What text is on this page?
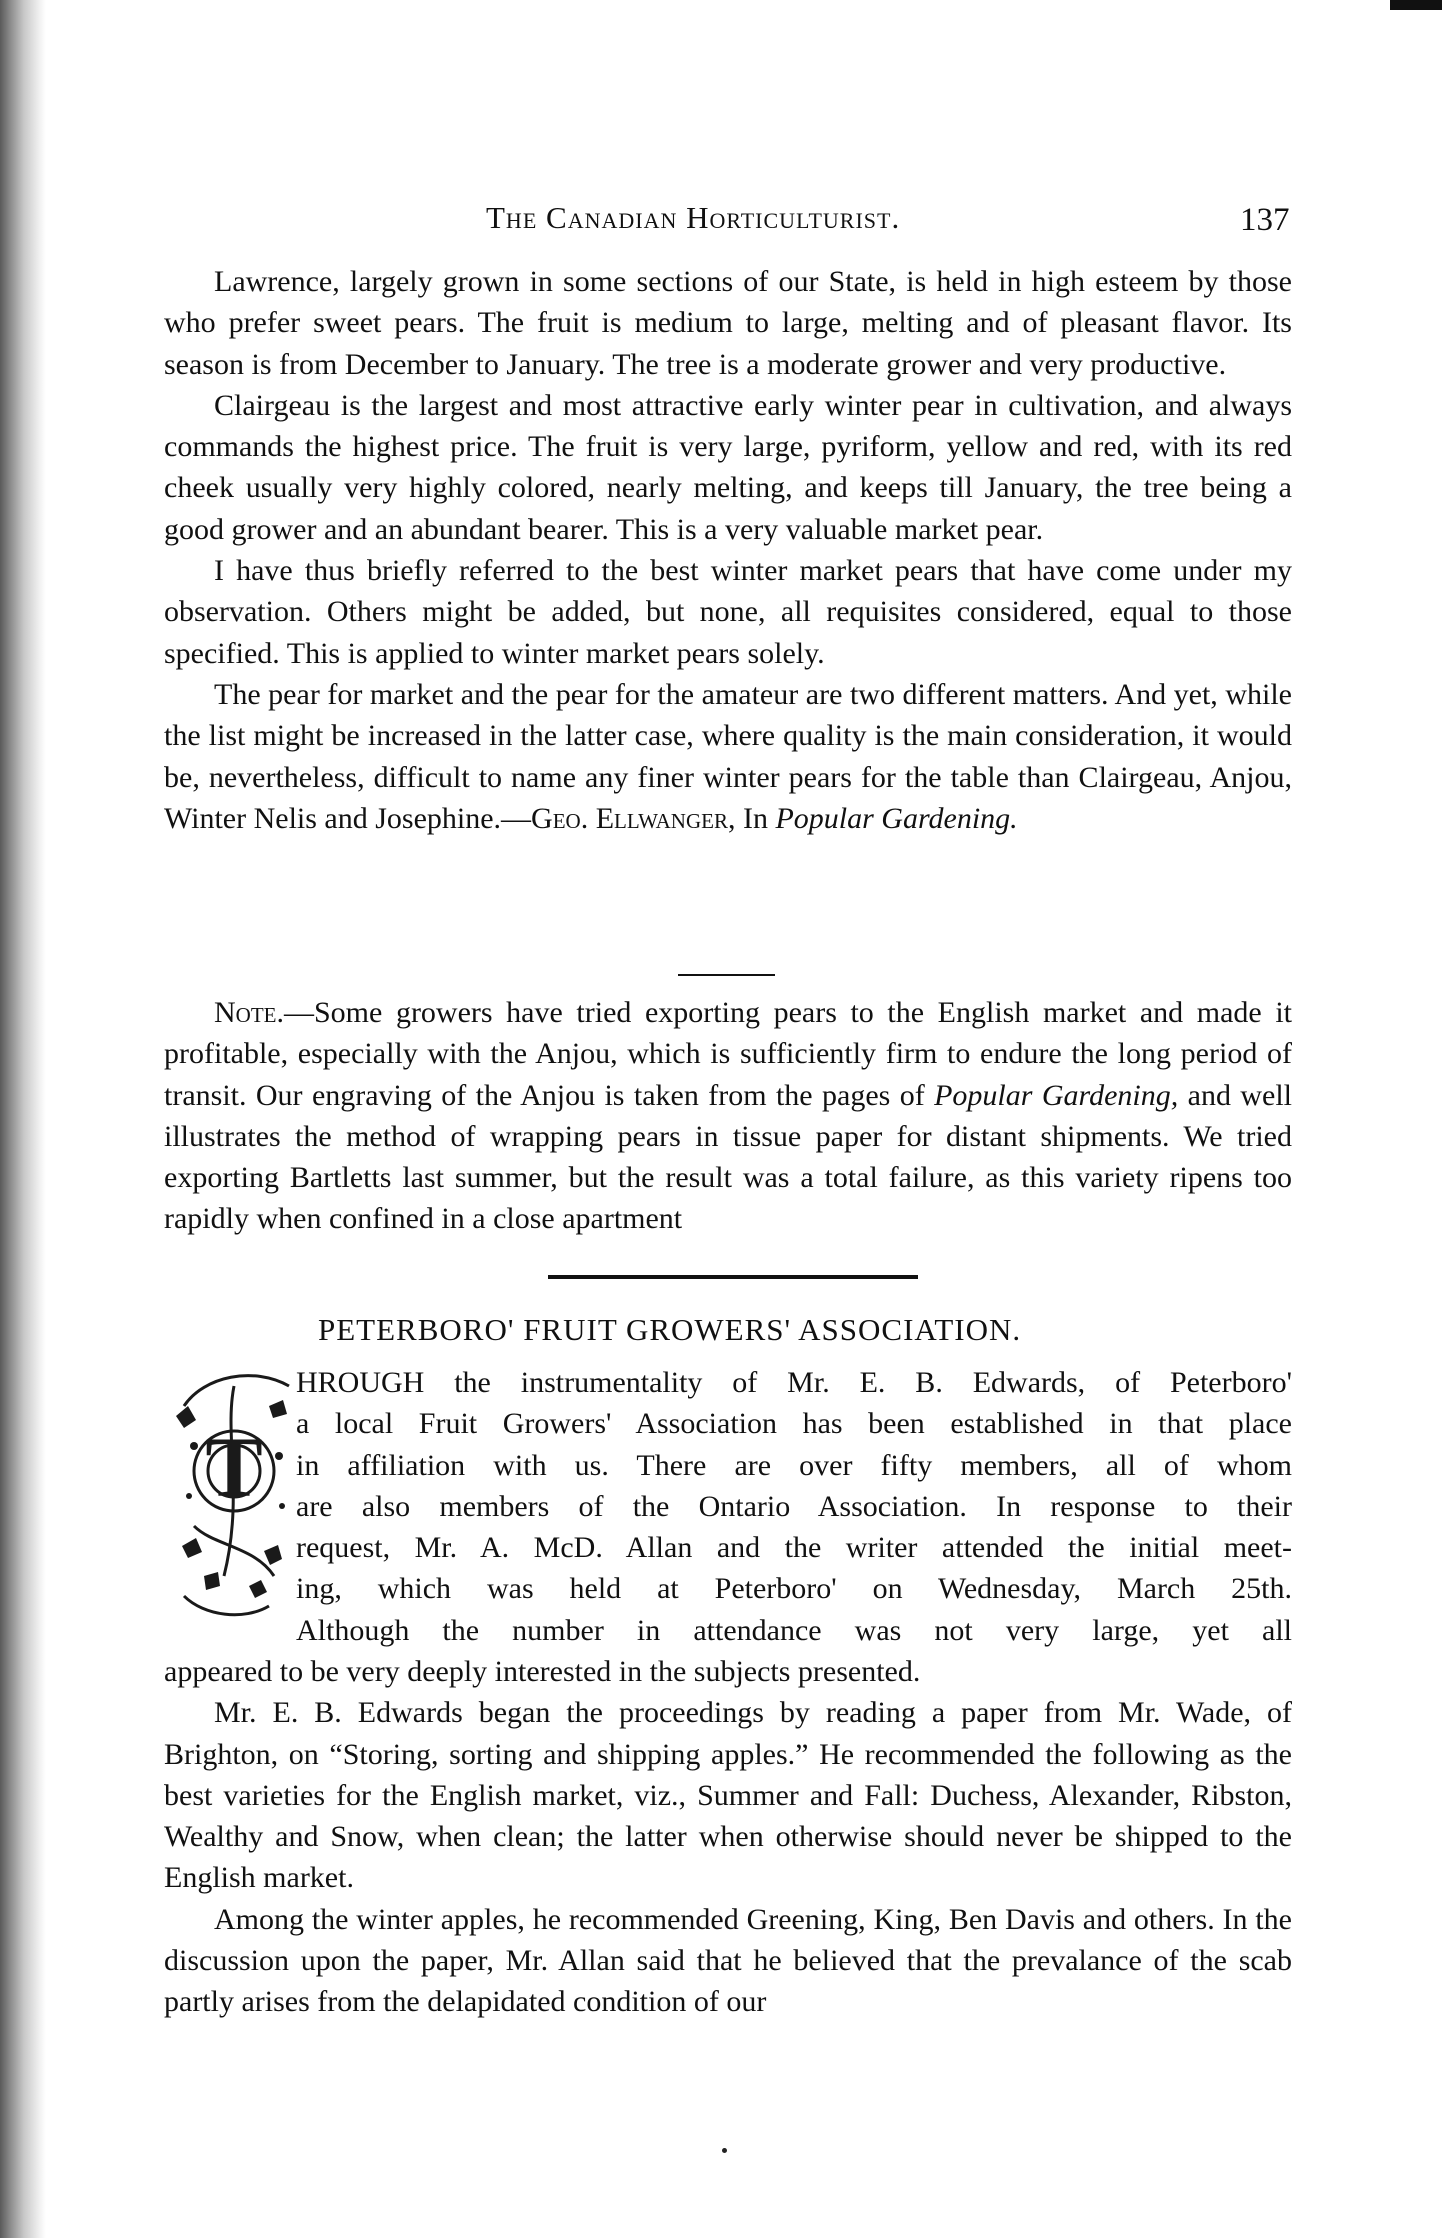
The Canadian Horticulturist.	137

Lawrence, largely grown in some sections of our State, is held in high esteem by those who prefer sweet pears. The fruit is medium to large, melting and of pleasant flavor. Its season is from December to January. The tree is a moderate grower and very productive.

Clairgeau is the largest and most attractive early winter pear in cultivation, and always commands the highest price. The fruit is very large, pyriform, yellow and red, with its red cheek usually very highly colored, nearly melting, and keeps till January, the tree being a good grower and an abundant bearer. This is a very valuable market pear.

I have thus briefly referred to the best winter market pears that have come under my observation. Others might be added, but none, all requisites considered, equal to those specified. This is applied to winter market pears solely.

The pear for market and the pear for the amateur are two different matters. And yet, while the list might be increased in the latter case, where quality is the main consideration, it would be, nevertheless, difficult to name any finer winter pears for the table than Clairgeau, Anjou, Winter Nelis and Josephine.—Geo. Ellwanger, In Popular Gardening.

Note.—Some growers have tried exporting pears to the English market and made it profitable, especially with the Anjou, which is sufficiently firm to endure the long period of transit. Our engraving of the Anjou is taken from the pages of Popular Gardening, and well illustrates the method of wrapping pears in tissue paper for distant shipments. We tried exporting Bartletts last summer, but the result was a total failure, as this variety ripens too rapidly when confined in a close apartment

PETERBORO' FRUIT GROWERS' ASSOCIATION.
T
HROUGH the instrumentality of Mr. E. B. Edwards, of Peterboro'
a local Fruit Growers' Association has been established in that place
in affiliation with us. There are over fifty members, all of whom
are also members of the Ontario Association. In response to their
request, Mr. A. McD. Allan and the writer attended the initial meet-
ing, which was held at Peterboro' on Wednesday, March 25th.
Although the number in attendance was not very large, yet all

appeared to be very deeply interested in the subjects presented.

Mr. E. B. Edwards began the proceedings by reading a paper from Mr. Wade, of Brighton, on “Storing, sorting and shipping apples.” He recommended the following as the best varieties for the English market, viz., Summer and Fall: Duchess, Alexander, Ribston, Wealthy and Snow, when clean; the latter when otherwise should never be shipped to the English market.

Among the winter apples, he recommended Greening, King, Ben Davis and others. In the discussion upon the paper, Mr. Allan said that he believed that the prevalance of the scab partly arises from the delapidated condition of our
